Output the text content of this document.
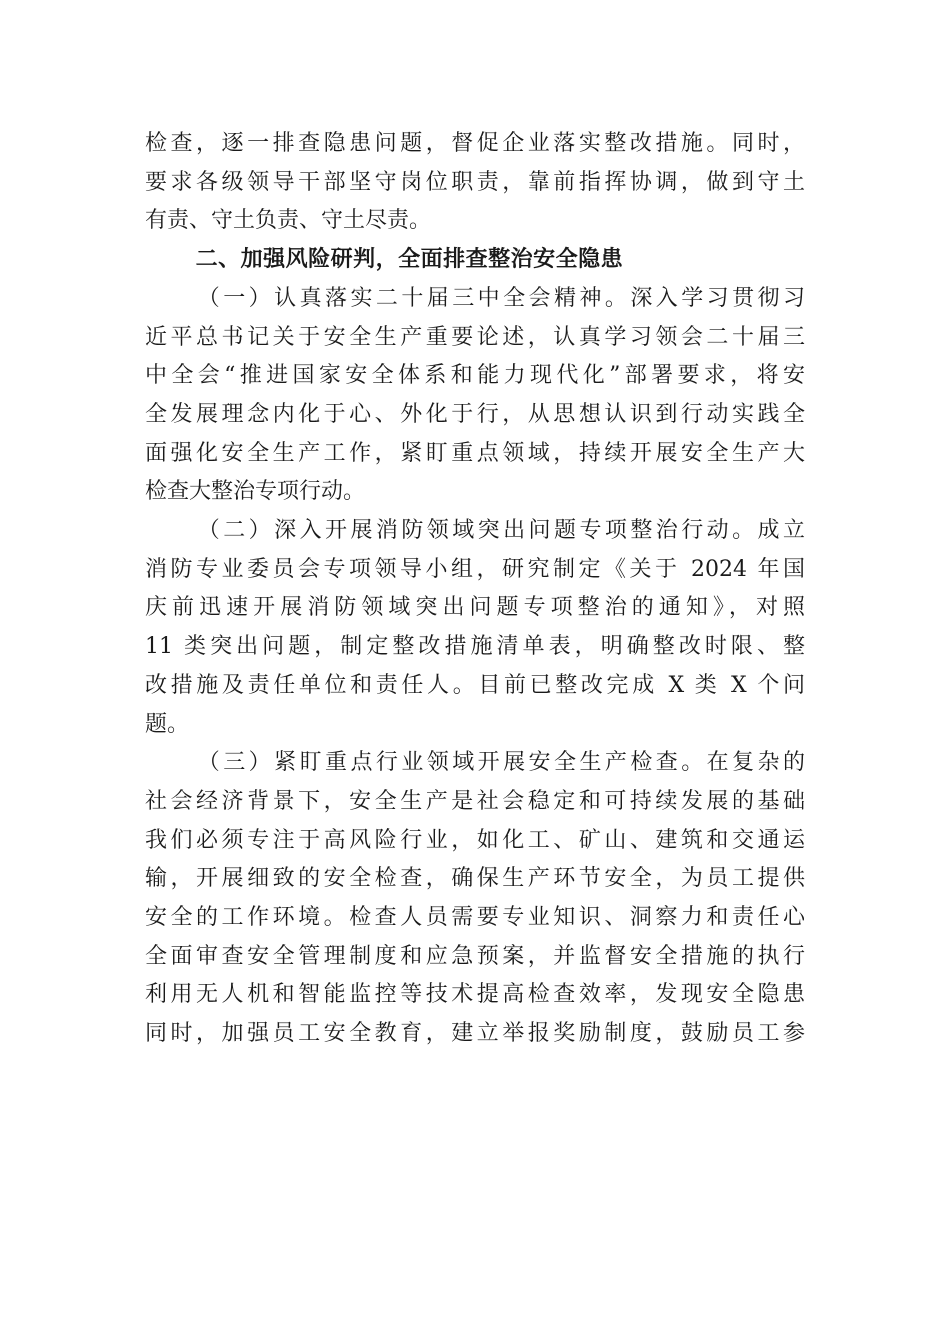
检查，逐一排查隐患问题，督促企业落实整改措施。同时，
要求各级领导干部坚守岗位职责，靠前指挥协调，做到守土
有责、守土负责、守土尽责。
二、加强风险研判，全面排查整治安全隐患
（一）认真落实二十届三中全会精神。深入学习贯彻习
近平总书记关于安全生产重要论述，认真学习领会二十届三
中全会“推进国家安全体系和能力现代化”部署要求，将安
全发展理念内化于心、外化于行，从思想认识到行动实践全
面强化安全生产工作，紧盯重点领域，持续开展安全生产大
检查大整治专项行动。
（二）深入开展消防领域突出问题专项整治行动。成立
消防专业委员会专项领导小组，研究制定《关于 2024 年国
庆前迅速开展消防领域突出问题专项整治的通知》，对照
11 类突出问题，制定整改措施清单表，明确整改时限、整
改措施及责任单位和责任人。目前已整改完成 X 类 X 个问
题。
（三）紧盯重点行业领域开展安全生产检查。在复杂的
社会经济背景下，安全生产是社会稳定和可持续发展的基础
我们必须专注于高风险行业，如化工、矿山、建筑和交通运
输，开展细致的安全检查，确保生产环节安全，为员工提供
安全的工作环境。检查人员需要专业知识、洞察力和责任心
全面审查安全管理制度和应急预案，并监督安全措施的执行
利用无人机和智能监控等技术提高检查效率，发现安全隐患
同时，加强员工安全教育，建立举报奖励制度，鼓励员工参
